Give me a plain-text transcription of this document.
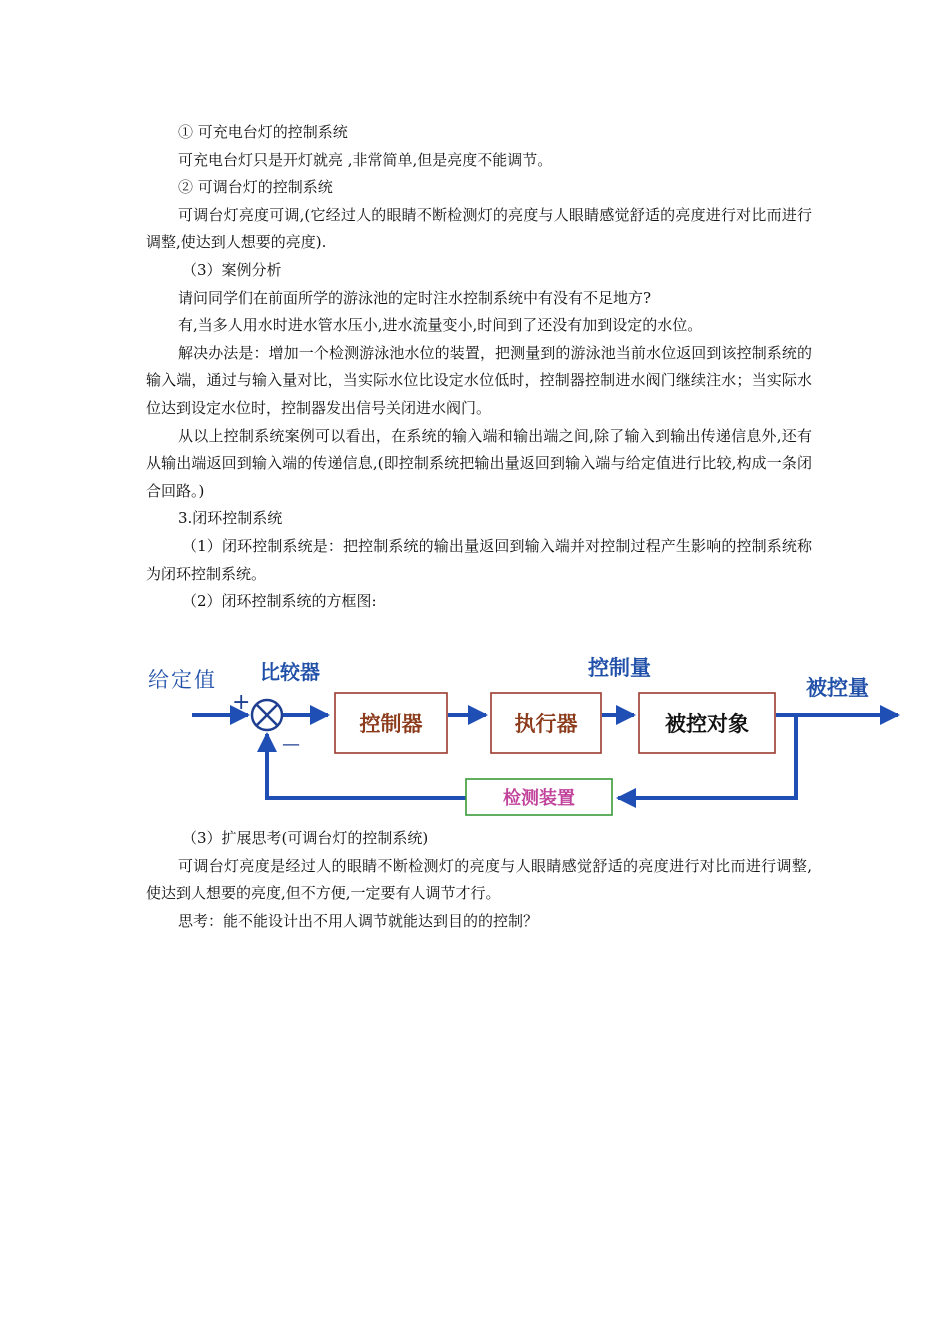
① 可充电台灯的控制系统

可充电台灯只是开灯就亮 ,非常简单,但是亮度不能调节。

② 可调台灯的控制系统

可调台灯亮度可调,(它经过人的眼睛不断检测灯的亮度与人眼睛感觉舒适的亮度进行对比而进行调整,使达到人想要的亮度).

（3）案例分析

请问同学们在前面所学的游泳池的定时注水控制系统中有没有不足地方?

有,当多人用水时进水管水压小,进水流量变小,时间到了还没有加到设定的水位。

解决办法是：增加一个检测游泳池水位的装置，把测量到的游泳池当前水位返回到该控制系统的输入端，通过与输入量对比，当实际水位比设定水位低时，控制器控制进水阀门继续注水；当实际水位达到设定水位时，控制器发出信号关闭进水阀门。

从以上控制系统案例可以看出，在系统的输入端和输出端之间,除了输入到输出传递信息外,还有从输出端返回到输入端的传递信息,(即控制系统把输出量返回到输入端与给定值进行比较,构成一条闭合回路。)

3.闭环控制系统

（1）闭环控制系统是：把控制系统的输出量返回到输入端并对控制过程产生影响的控制系统称为闭环控制系统。

（2）闭环控制系统的方框图:

给定值 比较器
+
—
控制器	执行器
控制量
被控对象
被控量
检测装置

（3）扩展思考(可调台灯的控制系统)

可调台灯亮度是经过人的眼睛不断检测灯的亮度与人眼睛感觉舒适的亮度进行对比而进行调整,使达到人想要的亮度,但不方便,一定要有人调节才行。

思考：能不能设计出不用人调节就能达到目的的控制？
